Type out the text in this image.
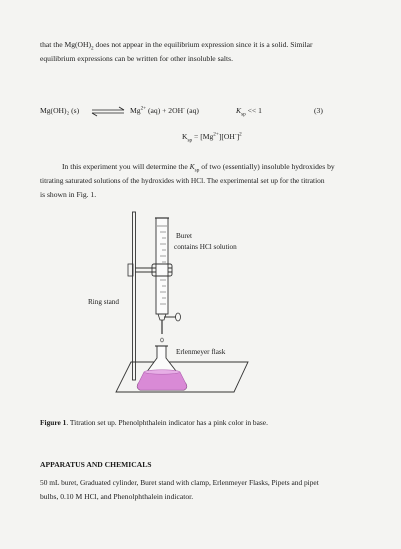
that the $Mg(OH)_2$ does not appear in the equilibrium expression since it is a solid. Similar
equilibrium expressions can be written for other insoluble salts.
Mg(OH)₂ (s)	$Mg^{2+}$ (aq) + 2OH- (aq)	$K_{sp} << 1$	(3)
$K_{sp} = [Mg^{2+}][OH^-]^2$
In this experiment you will determine the $K_{sp}$ of two (essentially) insoluble hydroxides by
titrating saturated solutions of the hydroxides with HCl. The experimental set up for the titration
is shown in Fig. 1.
Buret
contains HCl solution
Ring stand
Erlenmeyer flask
Figure 1. Titration set up. Phenolphthalein indicator has a pink color in base.
APPARATUS AND CHEMICALS
50 mL buret, Graduated cylinder, Buret stand with clamp, Erlenmeyer Flasks, Pipets and pipet
bulbs, 0.10 M HCl, and Phenolphthalein indicator.
